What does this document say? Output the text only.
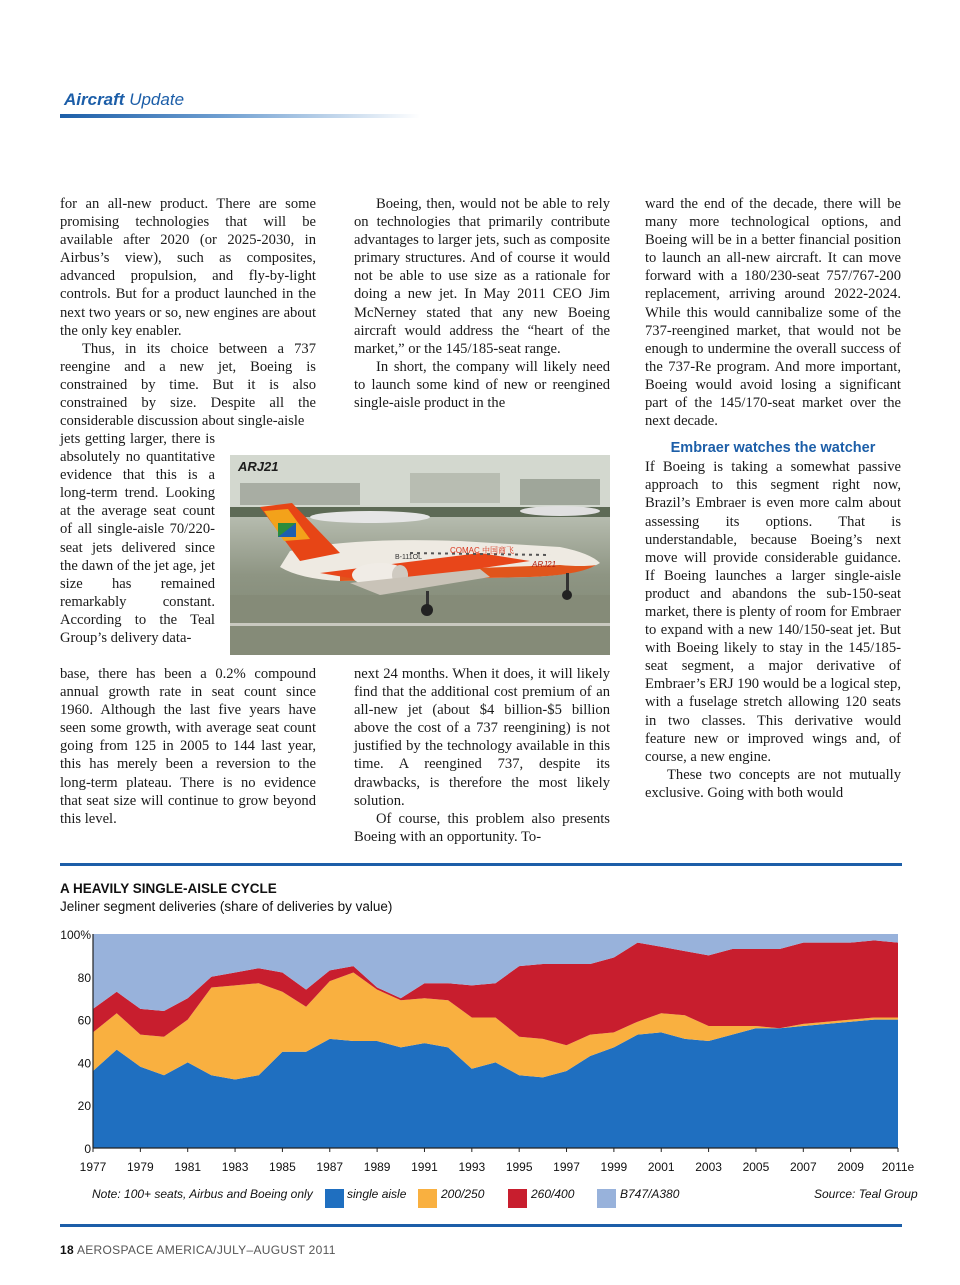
Aircraft Update

for an all-new product. There are some promising technologies that will be available after 2020 (or 2025-2030, in Airbus’s view), such as composites, advanced propulsion, and fly-by-light controls. But for a product launched in the next two years or so, new engines are about the only key enabler.

Thus, in its choice between a 737 reengine and a new jet, Boeing is constrained by time. But it is also constrained by size. Despite all the considerable discussion about single-aisle

jets getting larger, there is absolutely no quantitative evidence that this is a long-term trend. Looking at the average seat count of all single-aisle 70/220-seat jets delivered since the dawn of the jet age, jet size has remained remarkably constant. According to the Teal Group’s delivery data-

base, there has been a 0.2% compound annual growth rate in seat count since 1960. Although the last five years have seen some growth, with average seat count going from 125 in 2005 to 144 last year, this has merely been a reversion to the long-term plateau. There is no evidence that seat size will continue to grow beyond this level.

Boeing, then, would not be able to rely on technologies that primarily contribute advantages to larger jets, such as composite primary structures. And of course it would not be able to use size as a rationale for doing a new jet. In May 2011 CEO Jim McNerney stated that any new Boeing aircraft would address the “heart of the market,” or the 145/185-seat range.

In short, the company will likely need to launch some kind of new or reengined single-aisle product in the

next 24 months. When it does, it will likely find that the additional cost premium of an all-new jet (about $4 billion-$5 billion above the cost of a 737 reengining) is not justified by the technology available in this time. A reengined 737, despite its drawbacks, is therefore the most likely solution.

Of course, this problem also presents Boeing with an opportunity. To-

ward the end of the decade, there will be many more technological options, and Boeing will be in a better financial position to launch an all-new aircraft. It can move forward with a 180/230-seat 757/767-200 replacement, arriving around 2022-2024. While this would cannibalize some of the 737-reengined market, that would not be enough to undermine the overall success of the 737-Re program. And more important, Boeing would avoid losing a significant part of the 145/170-seat market over the next decade.

Embraer watches the watcher

If Boeing is taking a somewhat passive approach to this segment right now, Brazil’s Embraer is even more calm about assessing its options. That is understandable, because Boeing’s next move will provide considerable guidance. If Boeing launches a larger single-aisle product and abandons the sub-150-seat market, there is plenty of room for Embraer to expand with a new 140/150-seat jet. But with Boeing likely to stay in the 145/185-seat segment, a major derivative of Embraer’s ERJ 190 would be a logical step, with a fuselage stretch allowing 120 seats in two classes. This derivative would feature new or improved wings and, of course, a new engine.

These two concepts are not mutually exclusive. Going with both would

COMAC 中国商飞
ARJ21
B-111OL
ARJ21
A HEAVILY SINGLE-AISLE CYCLE
Jeliner segment deliveries (share of deliveries by value)
100%
80
60
40
20
0
1977 1979 1981 1983 1985 1987 1989 1991 1993 1995 1997 1999 2001 2003 2005 2007 2009 2011e
Note: 100+ seats, Airbus and Boeing only	single aisle	200/250	260/400	B747/A380	Source: Teal Group
18 AEROSPACE AMERICA/JULY–AUGUST 2011
